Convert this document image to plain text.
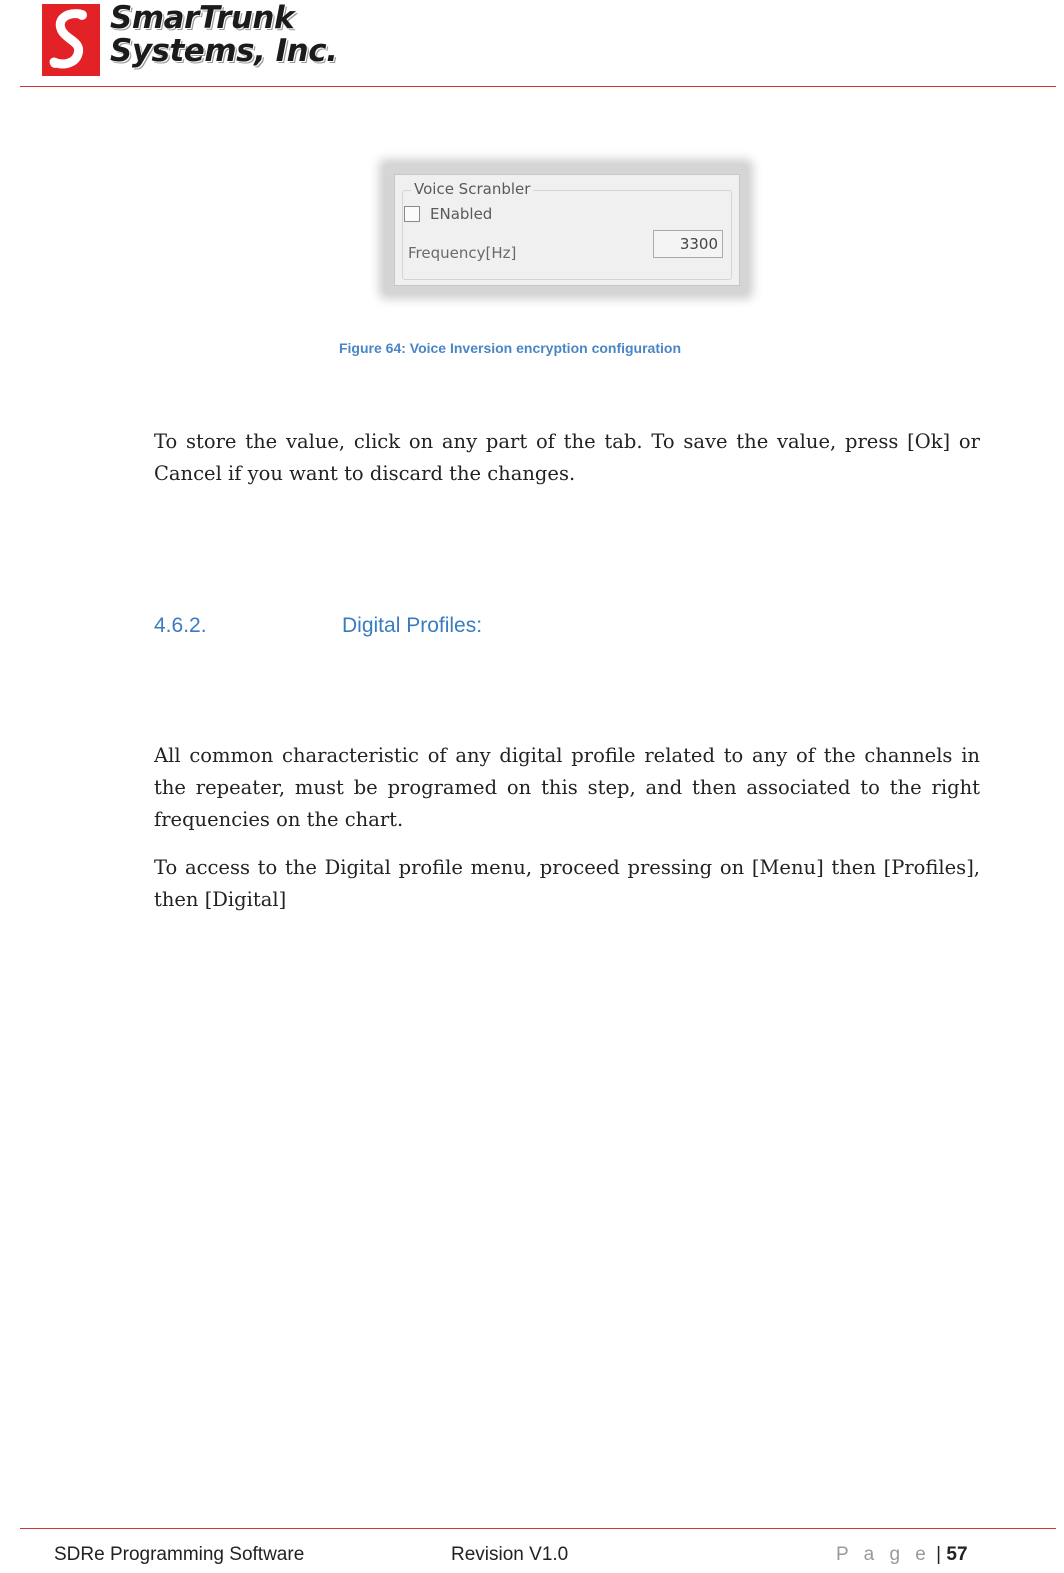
SmarTrunk
Systems, Inc.
Voice Scranbler
ENabled
Frequency[Hz]
3300
Figure 64: Voice Inversion encryption configuration

To store the value, click on any part of the tab. To save the value, press [Ok] or Cancel if you want to discard the changes.

4.6.2.	Digital Profiles:

All common characteristic of any digital profile related to any of the channels in the repeater, must be programed on this step, and then associated to the right frequencies on the chart.

To access to the Digital profile menu, proceed pressing on [Menu] then [Profiles], then [Digital]

SDRe Programming Software	Revision V1.0	P a g e | 57
